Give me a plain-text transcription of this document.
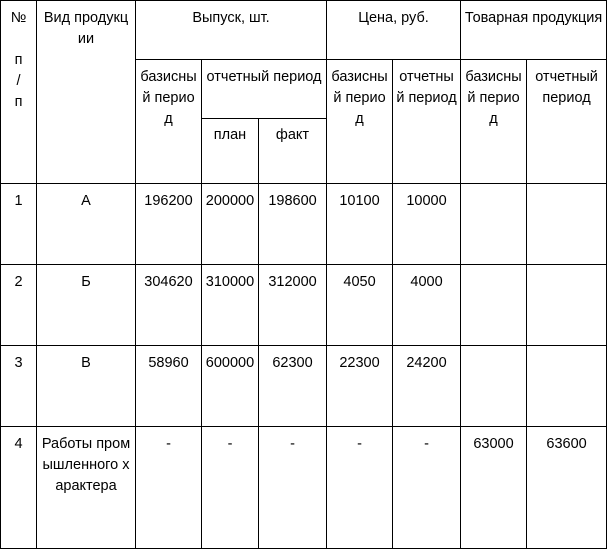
№
п
/
п	Вид продукции	Выпуск, шт.			Цена, руб.		Товарная продукция	
		базисный период	отчетный период		базисный период	отчетный период	базисный период	отчетный период
			план	факт				
1	А	196200	200000	198600	10100	10000		
2	Б	304620	310000	312000	4050	4000		
3	В	58960	600000	62300	22300	24200		
4	Работы промышленного характера	-	-	-	-	-	63000	63600
